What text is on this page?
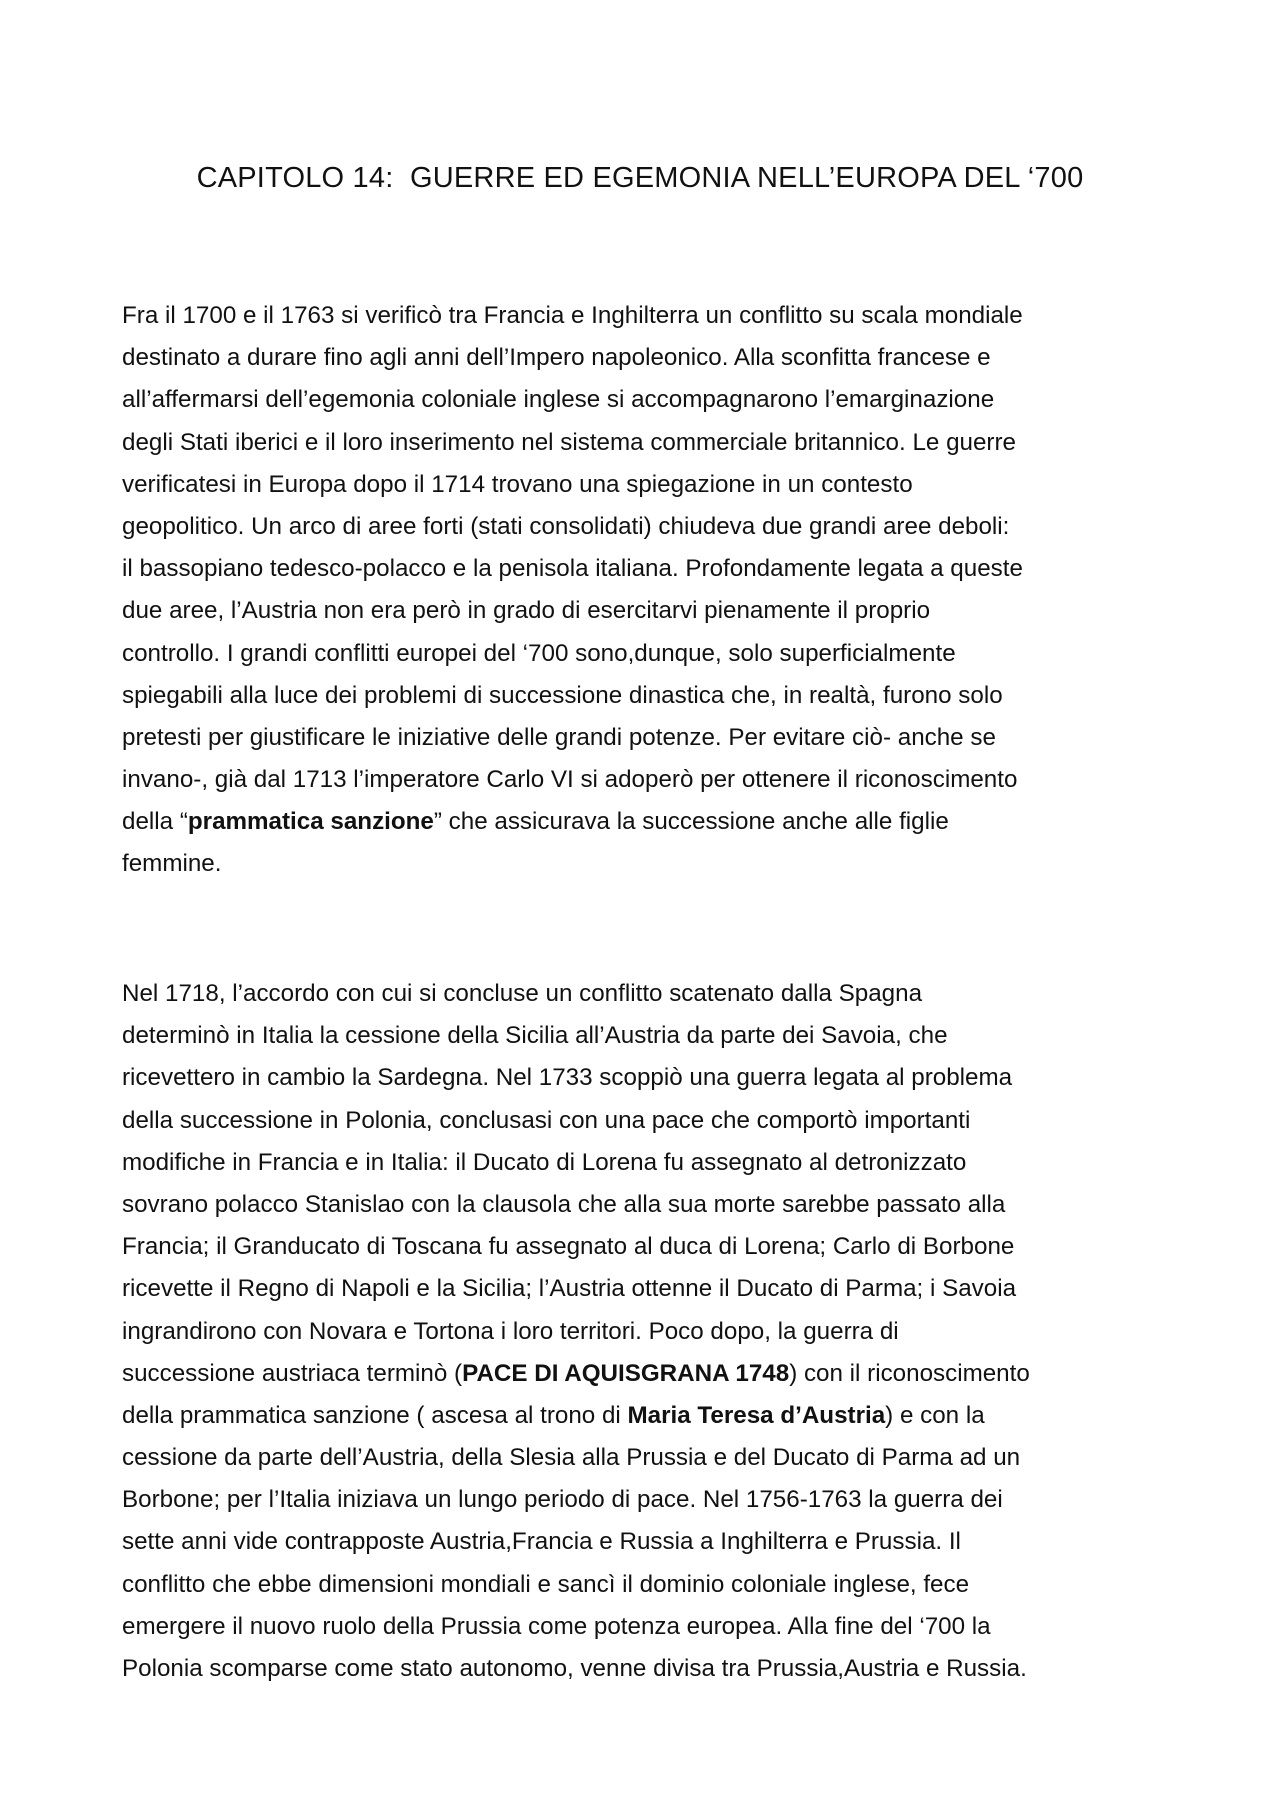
CAPITOLO 14:  GUERRE ED EGEMONIA NELL’EUROPA DEL ‘700
Fra il 1700 e il 1763 si verificò tra Francia e Inghilterra un conflitto su scala mondiale
destinato a durare fino agli anni dell’Impero napoleonico. Alla sconfitta francese e
all’affermarsi dell’egemonia coloniale inglese si accompagnarono l’emarginazione
degli Stati iberici e il loro inserimento nel sistema commerciale britannico. Le guerre
verificatesi in Europa dopo il 1714 trovano una spiegazione in un contesto
geopolitico. Un arco di aree forti (stati consolidati) chiudeva due grandi aree deboli:
il bassopiano tedesco-polacco e la penisola italiana. Profondamente legata a queste
due aree, l’Austria non era però in grado di esercitarvi pienamente il proprio
controllo. I grandi conflitti europei del ‘700 sono,dunque, solo superficialmente
spiegabili alla luce dei problemi di successione dinastica che, in realtà, furono solo
pretesti per giustificare le iniziative delle grandi potenze. Per evitare ciò- anche se
invano-, già dal 1713 l’imperatore Carlo VI si adoperò per ottenere il riconoscimento
della “prammatica sanzione” che assicurava la successione anche alle figlie
femmine.
Nel 1718, l’accordo con cui si concluse un conflitto scatenato dalla Spagna
determinò in Italia la cessione della Sicilia all’Austria da parte dei Savoia, che
ricevettero in cambio la Sardegna. Nel 1733 scoppiò una guerra legata al problema
della successione in Polonia, conclusasi con una pace che comportò importanti
modifiche in Francia e in Italia: il Ducato di Lorena fu assegnato al detronizzato
sovrano polacco Stanislao con la clausola che alla sua morte sarebbe passato alla
Francia; il Granducato di Toscana fu assegnato al duca di Lorena; Carlo di Borbone
ricevette il Regno di Napoli e la Sicilia; l’Austria ottenne il Ducato di Parma; i Savoia
ingrandirono con Novara e Tortona i loro territori. Poco dopo, la guerra di
successione austriaca terminò (PACE DI AQUISGRANA 1748) con il riconoscimento
della prammatica sanzione ( ascesa al trono di Maria Teresa d’Austria) e con la
cessione da parte dell’Austria, della Slesia alla Prussia e del Ducato di Parma ad un
Borbone; per l’Italia iniziava un lungo periodo di pace. Nel 1756-1763 la guerra dei
sette anni vide contrapposte Austria,Francia e Russia a Inghilterra e Prussia. Il
conflitto che ebbe dimensioni mondiali e sancì il dominio coloniale inglese, fece
emergere il nuovo ruolo della Prussia come potenza europea. Alla fine del ‘700 la
Polonia scomparse come stato autonomo, venne divisa tra Prussia,Austria e Russia.
